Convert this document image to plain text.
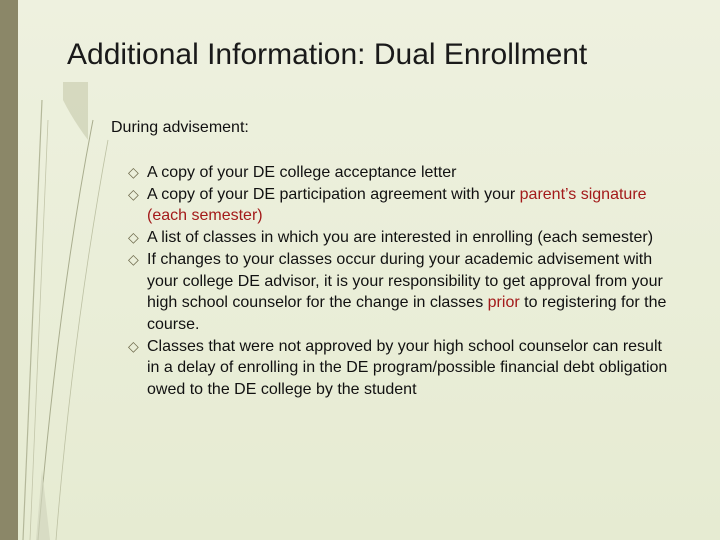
Additional Information: Dual Enrollment
During advisement:
◇
A copy of your DE college acceptance letter
◇
A copy of your DE participation agreement with your parent’s signature (each semester)
◇
A list of classes in which you are interested in enrolling (each semester)
◇
If changes to your classes occur during your academic advisement with your college DE advisor, it is your responsibility to get approval from your high school counselor for the change in classes prior to registering for the course.
◇
Classes that were not approved by your high school counselor can result in a delay of enrolling in the DE program/possible financial debt obligation owed to the DE college by the student
